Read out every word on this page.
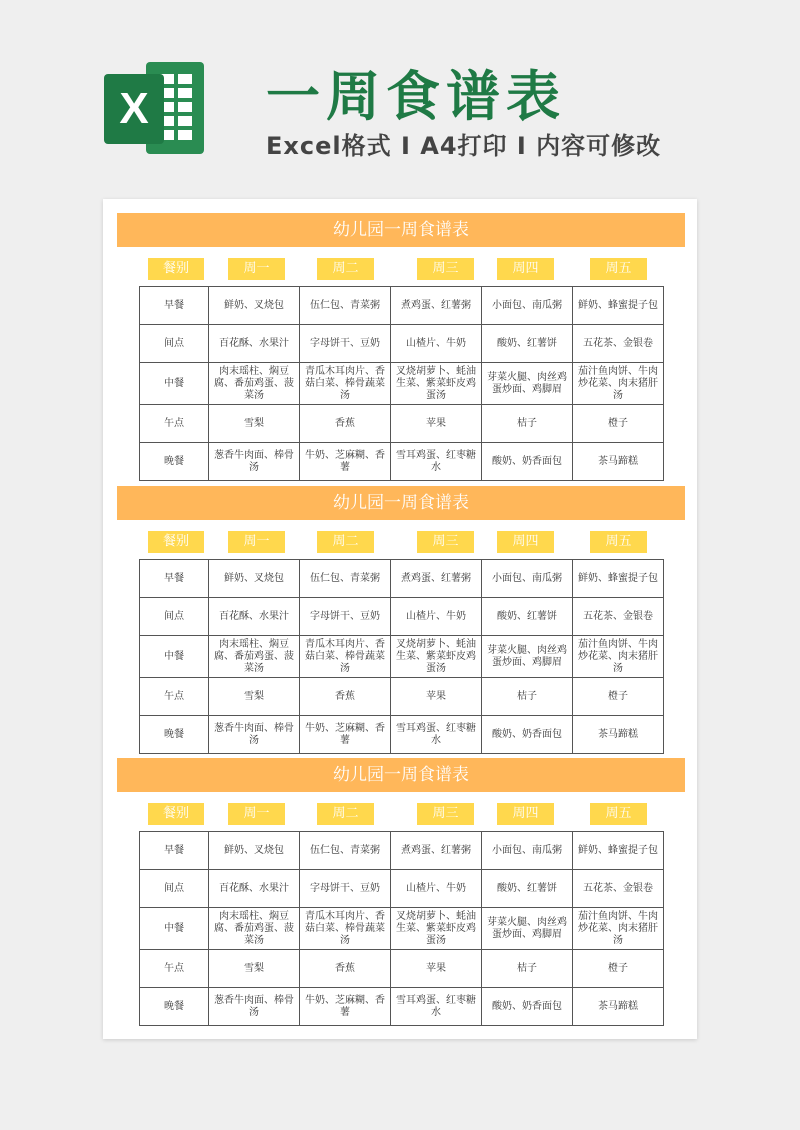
X 一周食谱表
Excel格式 I A4打印 I 内容可修改
幼儿园一周食谱表
餐别	周一	周二	周三	周四	周五
早餐	鲜奶、叉烧包	伍仁包、青菜粥	煮鸡蛋、红薯粥	小面包、南瓜粥	鲜奶、蜂蜜提子包
间点	百花酥、水果汁	字母饼干、豆奶	山楂片、牛奶	酸奶、红薯饼	五花茶、金银卷
中餐	肉末瑶柱、焖豆腐、番茄鸡蛋、菠菜汤	青瓜木耳肉片、香菇白菜、棒骨蔬菜汤	叉烧胡萝卜、蚝油生菜、紫菜虾皮鸡蛋汤	芽菜火腿、肉丝鸡蛋炒面、鸡脚眉	茄汁鱼肉饼、牛肉炒花菜、肉末猪肝汤
午点	雪梨	香蕉	苹果	桔子	橙子
晚餐	葱香牛肉面、棒骨汤	牛奶、芝麻糊、香薯	雪耳鸡蛋、红枣糖水	酸奶、奶香面包	茶马蹄糕
幼儿园一周食谱表
餐别	周一	周二	周三	周四	周五
早餐	鲜奶、叉烧包	伍仁包、青菜粥	煮鸡蛋、红薯粥	小面包、南瓜粥	鲜奶、蜂蜜提子包
间点	百花酥、水果汁	字母饼干、豆奶	山楂片、牛奶	酸奶、红薯饼	五花茶、金银卷
中餐	肉末瑶柱、焖豆腐、番茄鸡蛋、菠菜汤	青瓜木耳肉片、香菇白菜、棒骨蔬菜汤	叉烧胡萝卜、蚝油生菜、紫菜虾皮鸡蛋汤	芽菜火腿、肉丝鸡蛋炒面、鸡脚眉	茄汁鱼肉饼、牛肉炒花菜、肉末猪肝汤
午点	雪梨	香蕉	苹果	桔子	橙子
晚餐	葱香牛肉面、棒骨汤	牛奶、芝麻糊、香薯	雪耳鸡蛋、红枣糖水	酸奶、奶香面包	茶马蹄糕
幼儿园一周食谱表
餐别	周一	周二	周三	周四	周五
早餐	鲜奶、叉烧包	伍仁包、青菜粥	煮鸡蛋、红薯粥	小面包、南瓜粥	鲜奶、蜂蜜提子包
间点	百花酥、水果汁	字母饼干、豆奶	山楂片、牛奶	酸奶、红薯饼	五花茶、金银卷
中餐	肉末瑶柱、焖豆腐、番茄鸡蛋、菠菜汤	青瓜木耳肉片、香菇白菜、棒骨蔬菜汤	叉烧胡萝卜、蚝油生菜、紫菜虾皮鸡蛋汤	芽菜火腿、肉丝鸡蛋炒面、鸡脚眉	茄汁鱼肉饼、牛肉炒花菜、肉末猪肝汤
午点	雪梨	香蕉	苹果	桔子	橙子
晚餐	葱香牛肉面、棒骨汤	牛奶、芝麻糊、香薯	雪耳鸡蛋、红枣糖水	酸奶、奶香面包	茶马蹄糕
